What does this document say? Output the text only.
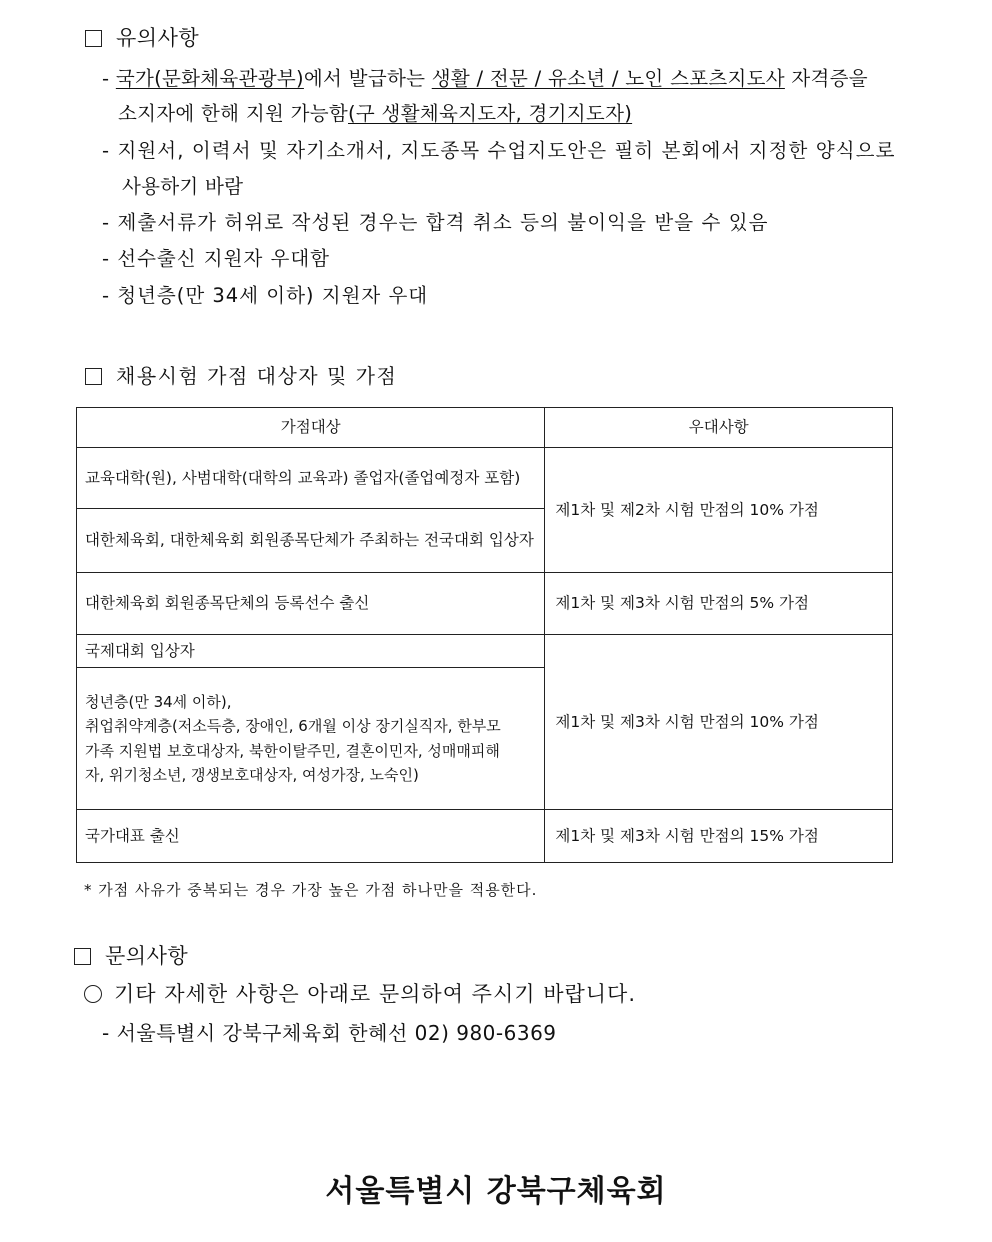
유의사항
- 국가(문화체육관광부)에서 발급하는 생활 / 전문 / 유소년 / 노인 스포츠지도사 자격증을
소지자에 한해 지원 가능함(구 생활체육지도자, 경기지도자)
- 지원서, 이력서 및 자기소개서, 지도종목 수업지도안은 필히 본회에서 지정한 양식으로
사용하기 바람
- 제출서류가 허위로 작성된 경우는 합격 취소 등의 불이익을 받을 수 있음
- 선수출신 지원자 우대함
- 청년층(만 34세 이하) 지원자 우대
채용시험 가점 대상자 및 가점
가점대상	우대사항
교육대학(원), 사범대학(대학의 교육과) 졸업자(졸업예정자 포함)	제1차 및 제2차 시험 만점의 10% 가점
대한체육회, 대한체육회 회원종목단체가 주최하는 전국대회 입상자	
대한체육회 회원종목단체의 등록선수 출신	제1차 및 제3차 시험 만점의 5% 가점
국제대회 입상자	제1차 및 제3차 시험 만점의 10% 가점

청년층(만 34세 이하),
취업취약계층(저소득층, 장애인, 6개월 이상 장기실직자, 한부모
가족 지원법 보호대상자, 북한이탈주민, 결혼이민자, 성매매피해
자, 위기청소년, 갱생보호대상자, 여성가장, 노숙인)	

국가대표 출신	제1차 및 제3차 시험 만점의 15% 가점
* 가점 사유가 중복되는 경우 가장 높은 가점 하나만을 적용한다.
문의사항
기타 자세한 사항은 아래로 문의하여 주시기 바랍니다.
- 서울특별시 강북구체육회 한혜선 02) 980-6369
서울특별시 강북구체육회
